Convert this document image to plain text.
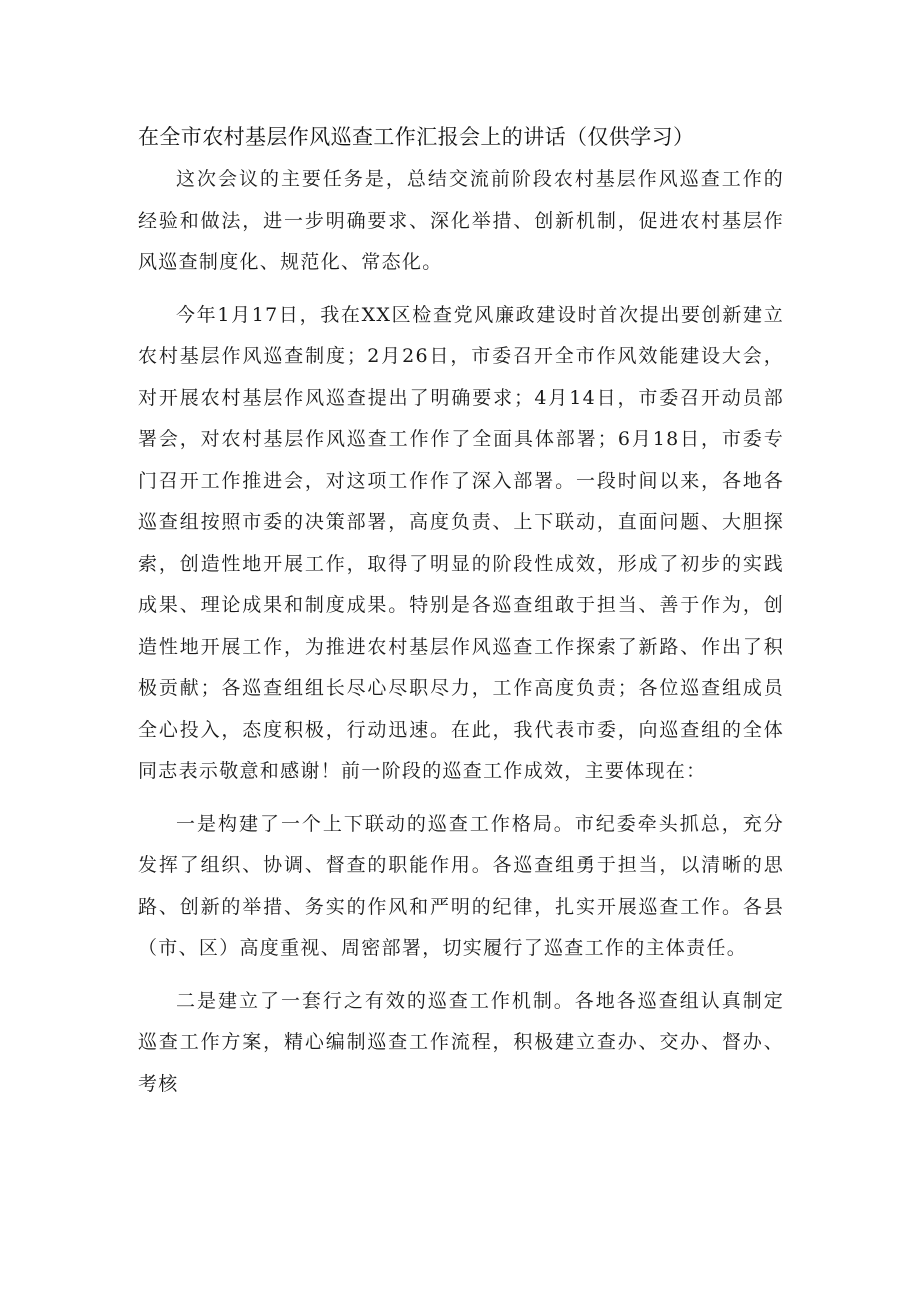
在全市农村基层作风巡查工作汇报会上的讲话（仅供学习）

这次会议的主要任务是，总结交流前阶段农村基层作风巡查工作的经验和做法，进一步明确要求、深化举措、创新机制，促进农村基层作风巡查制度化、规范化、常态化。

今年1月17日，我在XX区检查党风廉政建设时首次提出要创新建立农村基层作风巡查制度；2月26日，市委召开全市作风效能建设大会，对开展农村基层作风巡查提出了明确要求；4月14日，市委召开动员部署会，对农村基层作风巡查工作作了全面具体部署；6月18日，市委专门召开工作推进会，对这项工作作了深入部署。一段时间以来，各地各巡查组按照市委的决策部署，高度负责、上下联动，直面问题、大胆探索，创造性地开展工作，取得了明显的阶段性成效，形成了初步的实践成果、理论成果和制度成果。特别是各巡查组敢于担当、善于作为，创造性地开展工作，为推进农村基层作风巡查工作探索了新路、作出了积极贡献；各巡查组组长尽心尽职尽力，工作高度负责；各位巡查组成员全心投入，态度积极，行动迅速。在此，我代表市委，向巡查组的全体同志表示敬意和感谢！前一阶段的巡查工作成效，主要体现在：

一是构建了一个上下联动的巡查工作格局。市纪委牵头抓总，充分发挥了组织、协调、督查的职能作用。各巡查组勇于担当，以清晰的思路、创新的举措、务实的作风和严明的纪律，扎实开展巡查工作。各县（市、区）高度重视、周密部署，切实履行了巡查工作的主体责任。

二是建立了一套行之有效的巡查工作机制。各地各巡查组认真制定巡查工作方案，精心编制巡查工作流程，积极建立查办、交办、督办、考核
